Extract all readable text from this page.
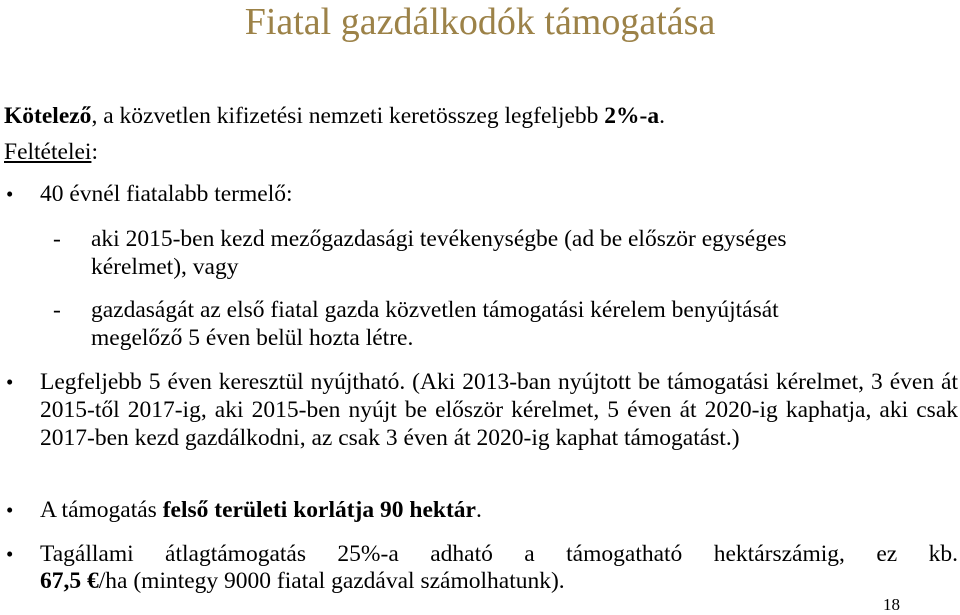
Fiatal gazdálkodók támogatása
Kötelező, a közvetlen kifizetési nemzeti keretösszeg legfeljebb 2%-a.
Feltételei:
• 40 évnél fiatalabb termelő:
- aki 2015-ben kezd mezőgazdasági tevékenységbe (ad be először egységes
kérelmet), vagy
- gazdaságát az első fiatal gazda közvetlen támogatási kérelem benyújtását
megelőző 5 éven belül hozta létre.
• Legfeljebb 5 éven keresztül nyújtható. (Aki 2013-ban nyújtott be támogatási kérelmet, 3 éven át 2015-től 2017-ig, aki 2015-ben nyújt be először kérelmet, 5 éven át 2020-ig kaphatja, aki csak 2017-ben kezd gazdálkodni, az csak 3 éven át 2020-ig kaphat támogatást.)
• A támogatás felső területi korlátja 90 hektár.
• Tagállami átlagtámogatás 25%-a adható a támogatható hektárszámig, ez kb.
67,5 €/ha (mintegy 9000 fiatal gazdával számolhatunk).
18
